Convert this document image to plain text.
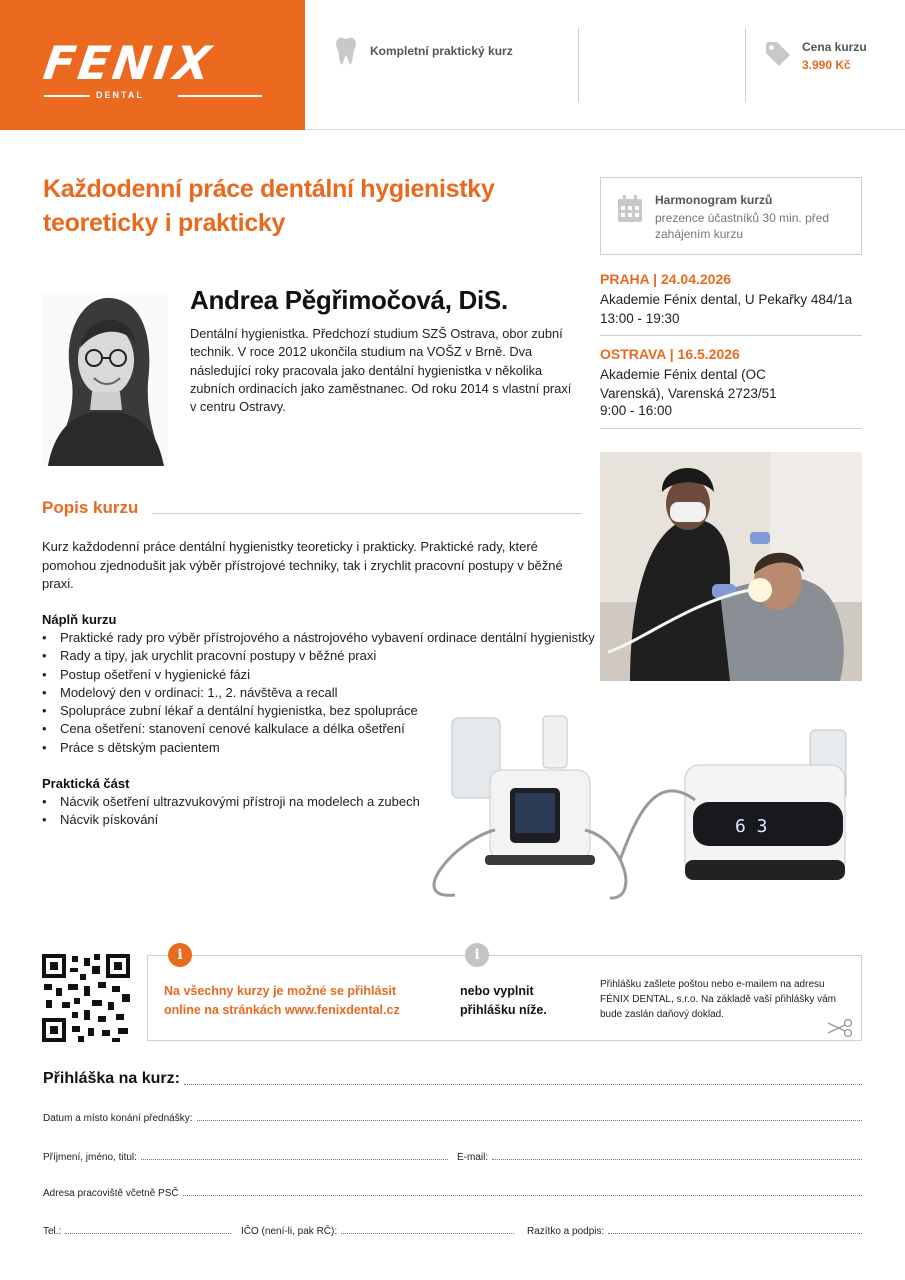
FENIX
DENTAL
Kompletní praktický kurz	Cena kurzu
3.990 Kč
Každodenní práce dentální hygienistky teoreticky i prakticky
Harmonogram kurzů
prezence účastníků 30 min. před zahájením kurzu
PRAHA | 24.04.2026
Akademie Fénix dental, U Pekařky 484/1a
13:00 - 19:30
OSTRAVA | 16.5.2026
Akademie Fénix dental (OC Varenská), Varenská 2723/51
9:00 - 16:00
Andrea Pěgřimočová, DiS.
Dentální hygienistka. Předchozí studium SZŠ Ostrava, obor zubní technik. V roce 2012 ukončila studium na VOŠZ v Brně. Dva následující roky pracovala jako dentální hygienistka v několika zubních ordinacích jako zaměstnanec. Od roku 2014 s vlastní praxí v centru Ostravy.
Popis kurzu
Kurz každodenní práce dentální hygienistky teoreticky i prakticky. Praktické rady, které pomohou zjednodušit jak výběr přístrojové techniky, tak i zrychlit pracovní postupy v běžné praxi.
Náplň kurzu
• Praktické rady pro výběr přístrojového a nástrojového vybavení ordinace dentální hygienistky
• Rady a tipy, jak urychlit pracovní postupy v běžné praxi
• Postup ošetření v hygienické fázi
• Modelový den v ordinaci: 1., 2. návštěva a recall
• Spolupráce zubní lékař a dentální hygienistka, bez spolupráce
• Cena ošetření: stanovení cenové kalkulace a délka ošetření
• Práce s dětským pacientem
Praktická část
• Nácvik ošetření ultrazvukovými přístroji na modelech a zubech
• Nácvik pískování	6 3
i	i
Na všechny kurzy je možné se přihlásit online na stránkách www.fenixdental.cz
nebo vyplnit přihlášku níže.
Přihlášku zašlete poštou nebo e-mailem na adresu FÉNIX DENTAL, s.r.o. Na základě vaší přihlášky vám bude zaslán daňový doklad.
Přihláška na kurz:
Datum a místo konání přednášky:
Příjmení, jméno, titul:	E-mail:
Adresa pracoviště včetně PSČ
Tel.:	IČO (není-li, pak RČ):	Razítko a podpis:
